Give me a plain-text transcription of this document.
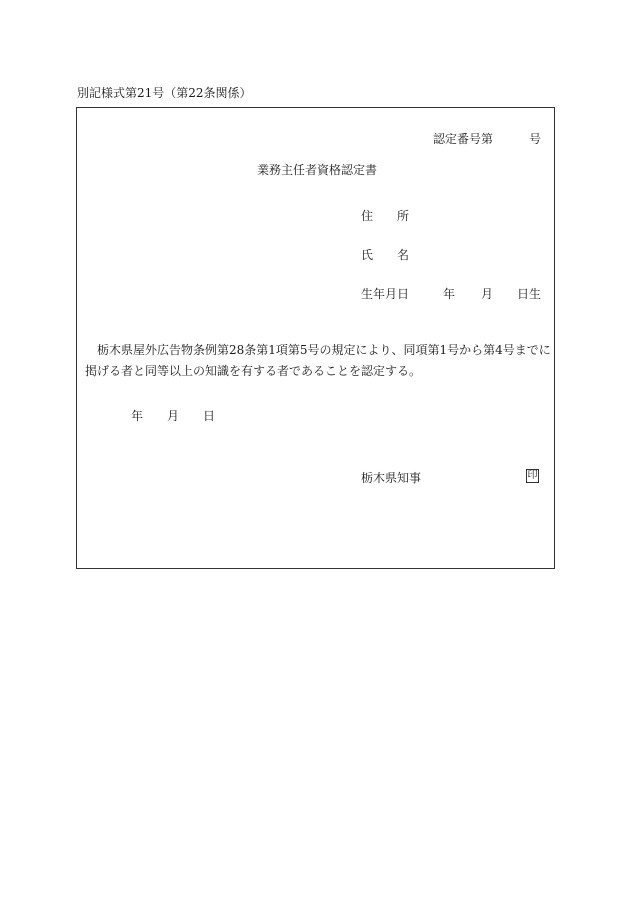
別記様式第21号（第22条関係）
認定番号第	号
業務主任者資格認定書
住 所
氏 名
生年月日	年 月 日生

栃木県屋外広告物条例第28条第1項第5号の規定により、同項第1号から第4号までに掲げる者と同等以上の知識を有する者であることを認定する。

年 月 日
栃木県知事	印
